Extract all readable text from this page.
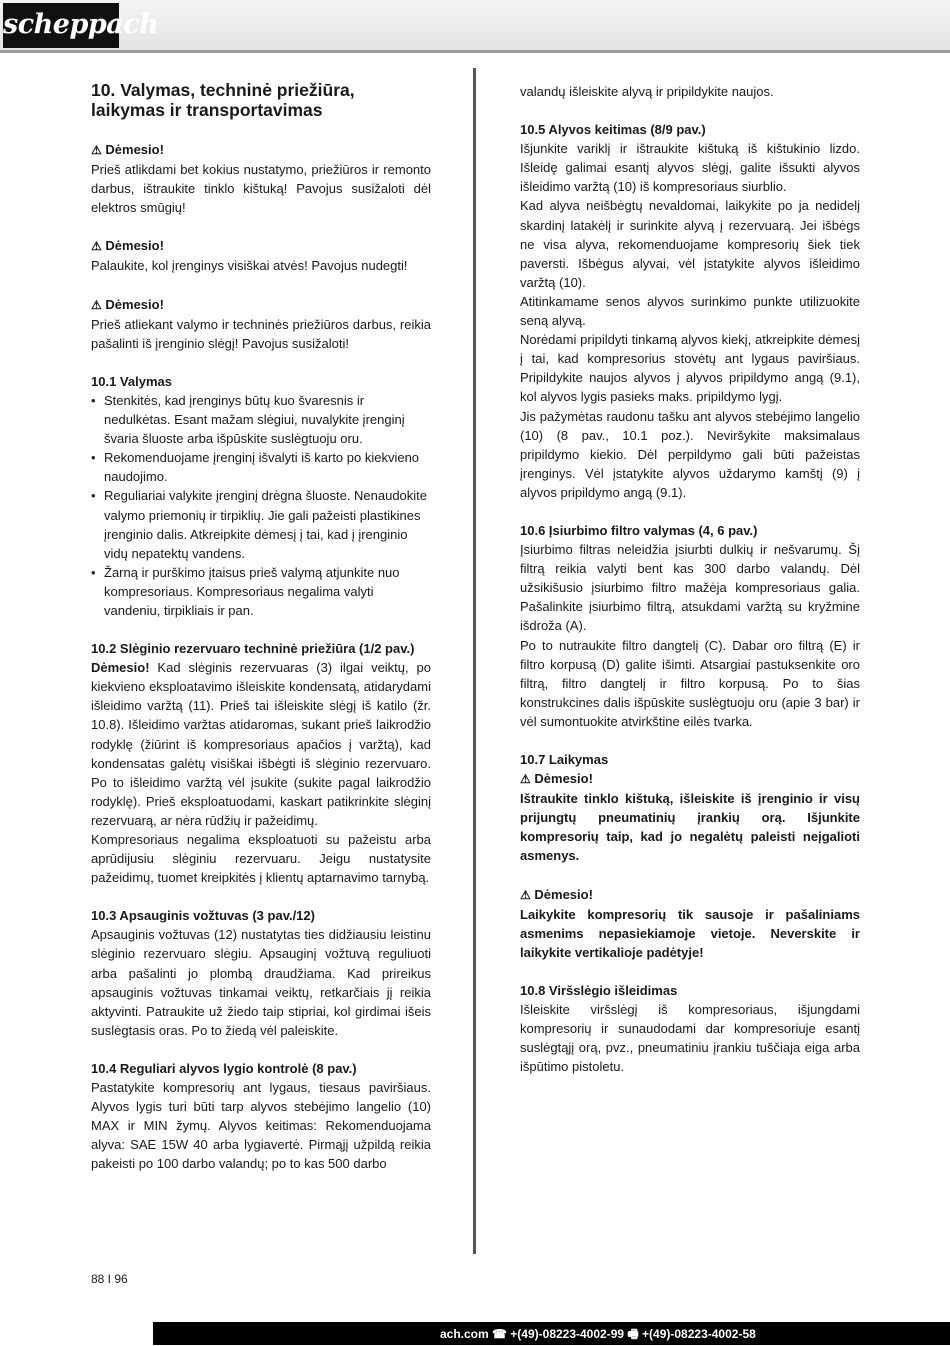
scheppach
10. Valymas, techninė priežiūra, laikymas ir transportavimas
⚠ Dėmesio!

Prieš atlikdami bet kokius nustatymo, priežiūros ir remonto darbus, ištraukite tinklo kištuką! Pavojus susižaloti dėl elektros smūgių!

⚠ Dėmesio!

Palaukite, kol įrenginys visiškai atvės! Pavojus nudegti!

⚠ Dėmesio!

Prieš atliekant valymo ir techninės priežiūros darbus, reikia pašalinti iš įrenginio slėgį! Pavojus susižaloti!

10.1 Valymas

• Stenkitės, kad įrenginys būtų kuo švaresnis ir nedulkėtas. Esant mažam slėgiui, nuvalykite įrenginį švaria šluoste arba išpūskite suslėgtuoju oru.
• Rekomenduojame įrenginį išvalyti iš karto po kiekvieno naudojimo.
• Reguliariai valykite įrenginį drėgna šluoste. Nenaudokite valymo priemonių ir tirpiklių. Jie gali pažeisti plastikines įrenginio dalis. Atkreipkite dėmesį į tai, kad į įrenginio vidų nepatektų vandens.
• Žarną ir purškimo įtaisus prieš valymą atjunkite nuo kompresoriaus. Kompresoriaus negalima valyti vandeniu, tirpikliais ir pan.

10.2 Slėginio rezervuaro techninė priežiūra (1/2 pav.)

Dėmesio! Kad slėginis rezervuaras (3) ilgai veiktų, po kiekvieno eksploatavimo išleiskite kondensatą, atidarydami išleidimo varžtą (11). Prieš tai išleiskite slėgį iš katilo (žr. 10.8). Išleidimo varžtas atidaromas, sukant prieš laikrodžio rodyklę (žiūrint iš kompresoriaus apačios į varžtą), kad kondensatas galėtų visiškai išbėgti iš slėginio rezervuaro. Po to išleidimo varžtą vėl įsukite (sukite pagal laikrodžio rodyklę). Prieš eksploatuodami, kaskart patikrinkite slėginį rezervuarą, ar nėra rūdžių ir pažeidimų.

Kompresoriaus negalima eksploatuoti su pažeistu arba aprūdijusiu slėginiu rezervuaru. Jeigu nustatysite pažeidimų, tuomet kreipkitės į klientų aptarnavimo tarnybą.

10.3 Apsauginis vožtuvas (3 pav./12)

Apsauginis vožtuvas (12) nustatytas ties didžiausiu leistinu slėginio rezervuaro slėgiu. Apsauginį vožtuvą reguliuoti arba pašalinti jo plombą draudžiama. Kad prireikus apsauginis vožtuvas tinkamai veiktų, retkarčiais jį reikia aktyvinti. Patraukite už žiedo taip stipriai, kol girdimai išeis suslėgtasis oras. Po to žiedą vėl paleiskite.

10.4 Reguliari alyvos lygio kontrolė (8 pav.)

Pastatykite kompresorių ant lygaus, tiesaus paviršiaus. Alyvos lygis turi būti tarp alyvos stebėjimo langelio (10) MAX ir MIN žymų. Alyvos keitimas: Rekomenduojama alyva: SAE 15W 40 arba lygiavertė. Pirmąjį užpildą reikia pakeisti po 100 darbo valandų; po to kas 500 darbo

valandų išleiskite alyvą ir pripildykite naujos.

10.5 Alyvos keitimas (8/9 pav.)

Išjunkite variklį ir ištraukite kištuką iš kištukinio lizdo. Išleidę galimai esantį alyvos slėgį, galite išsukti alyvos išleidimo varžtą (10) iš kompresoriaus siurblio.

Kad alyva neišbėgtų nevaldomai, laikykite po ja nedidelį skardinį latakėlį ir surinkite alyvą į rezervuarą. Jei išbėgs ne visa alyva, rekomenduojame kompresorių šiek tiek paversti. Išbėgus alyvai, vėl įstatykite alyvos išleidimo varžtą (10).

Atitinkamame senos alyvos surinkimo punkte utilizuokite seną alyvą.

Norėdami pripildyti tinkamą alyvos kiekį, atkreipkite dėmesį į tai, kad kompresorius stovėtų ant lygaus paviršiaus. Pripildykite naujos alyvos į alyvos pripildymo angą (9.1), kol alyvos lygis pasieks maks. pripildymo lygį.

Jis pažymėtas raudonu tašku ant alyvos stebėjimo langelio (10) (8 pav., 10.1 poz.). Neviršykite maksimalaus pripildymo kiekio. Dėl perpildymo gali būti pažeistas įrenginys. Vėl įstatykite alyvos uždarymo kamštį (9) į alyvos pripildymo angą (9.1).

10.6 Įsiurbimo filtro valymas (4, 6 pav.)

Įsiurbimo filtras neleidžia įsiurbti dulkių ir nešvarumų. Šį filtrą reikia valyti bent kas 300 darbo valandų. Dėl užsikišusio įsiurbimo filtro mažėja kompresoriaus galia. Pašalinkite įsiurbimo filtrą, atsukdami varžtą su kryžmine išdroža (A).

Po to nutraukite filtro dangtelį (C). Dabar oro filtrą (E) ir filtro korpusą (D) galite išimti. Atsargiai pastuksenkite oro filtrą, filtro dangtelį ir filtro korpusą. Po to šias konstrukcines dalis išpūskite suslėgtuoju oru (apie 3 bar) ir vėl sumontuokite atvirkštine eilės tvarka.

10.7 Laikymas

⚠ Dėmesio!

Ištraukite tinklo kištuką, išleiskite iš įrenginio ir visų prijungtų pneumatinių įrankių orą. Išjunkite kompresorių taip, kad jo negalėtų paleisti neįgalioti asmenys.

⚠ Dėmesio!

Laikykite kompresorių tik sausoje ir pašaliniams asmenims nepasiekiamoje vietoje. Neverskite ir laikykite vertikalioje padėtyje!

10.8 Viršslėgio išleidimas

Išleiskite viršslėgį iš kompresoriaus, išjungdami kompresorių ir sunaudodami dar kompresoriuje esantį suslėgtąjį orą, pvz., pneumatiniu įrankiu tuščiaja eiga arba išpūtimo pistoletu.

88 I 96
ach.com ☎ +(49)-08223-4002-99 🖷 +(49)-08223-4002-58
